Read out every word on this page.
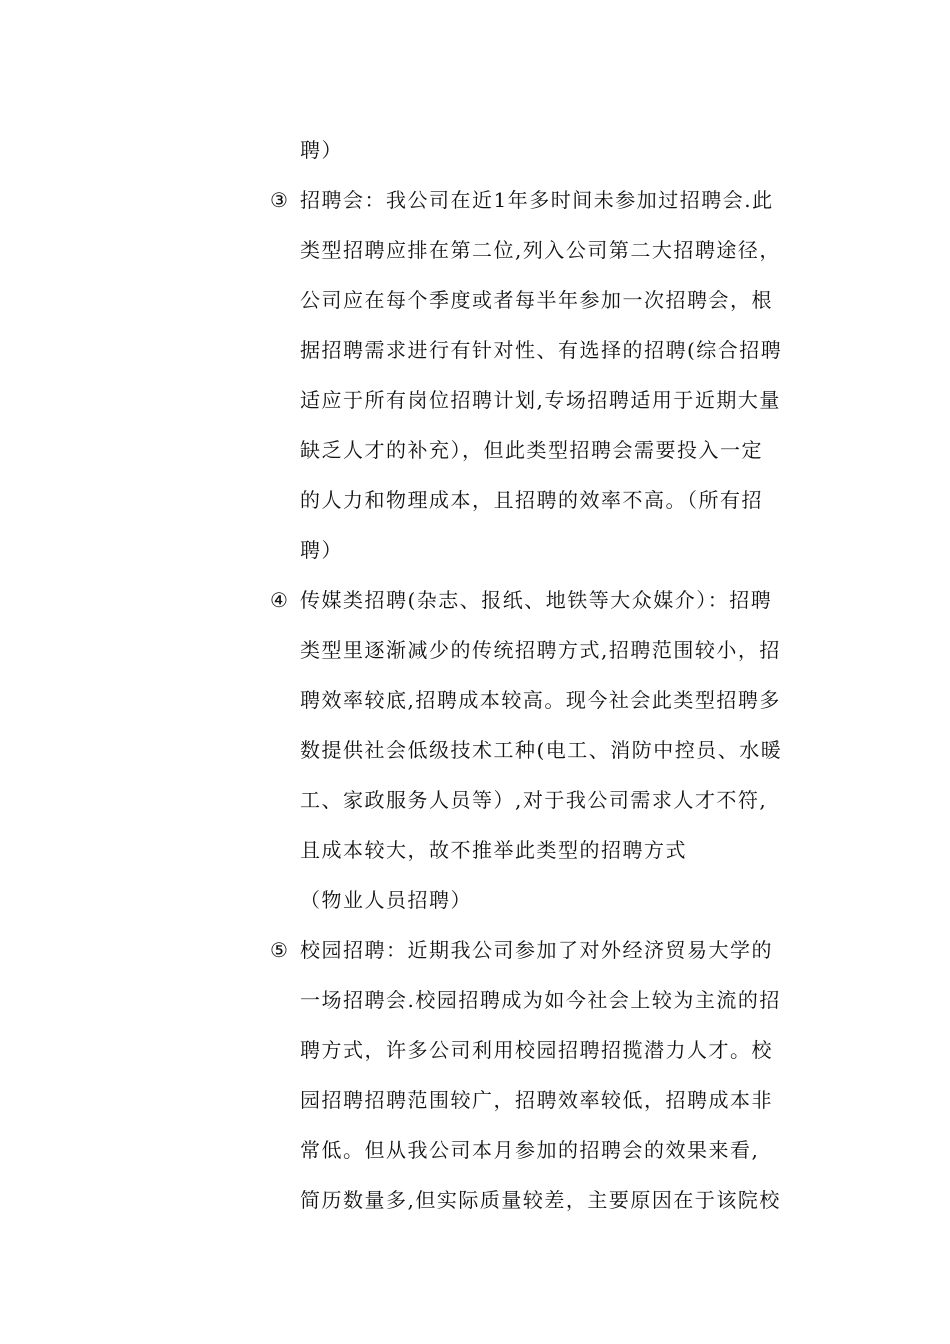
聘）
③ 招聘会：我公司在近1年多时间未参加过招聘会.此
类型招聘应排在第二位,列入公司第二大招聘途径，
公司应在每个季度或者每半年参加一次招聘会，根
据招聘需求进行有针对性、有选择的招聘(综合招聘
适应于所有岗位招聘计划,专场招聘适用于近期大量
缺乏人才的补充），但此类型招聘会需要投入一定
的人力和物理成本，且招聘的效率不高。（所有招
聘）
④ 传媒类招聘(杂志、报纸、地铁等大众媒介）：招聘
类型里逐渐减少的传统招聘方式,招聘范围较小，招
聘效率较底,招聘成本较高。现今社会此类型招聘多
数提供社会低级技术工种(电工、消防中控员、水暖
工、家政服务人员等）,对于我公司需求人才不符,
且成本较大，故不推举此类型的招聘方式
（物业人员招聘）
⑤ 校园招聘：近期我公司参加了对外经济贸易大学的
一场招聘会.校园招聘成为如今社会上较为主流的招
聘方式，许多公司利用校园招聘招揽潜力人才。校
园招聘招聘范围较广，招聘效率较低，招聘成本非
常低。但从我公司本月参加的招聘会的效果来看,
简历数量多,但实际质量较差，主要原因在于该院校
